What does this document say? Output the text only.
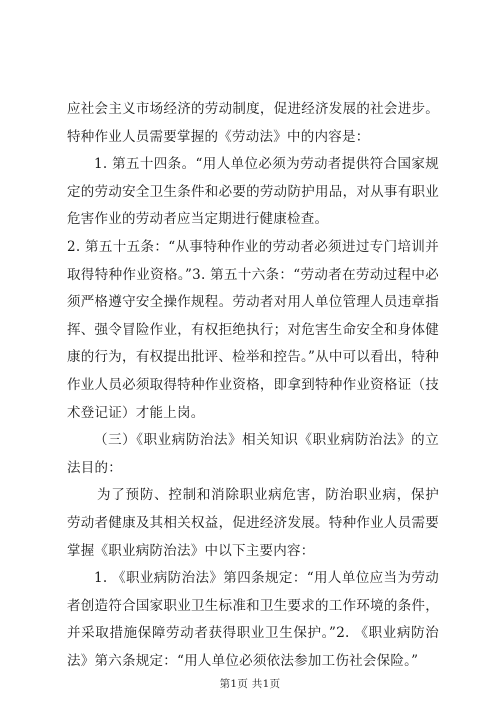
应社会主义市场经济的劳动制度，促进经济发展的社会进步。特种作业人员需要掌握的《劳动法》中的内容是：

1. 第五十四条。“用人单位必须为劳动者提供符合国家规定的劳动安全卫生条件和必要的劳动防护用品，对从事有职业危害作业的劳动者应当定期进行健康检查。

2. 第五十五条：“从事特种作业的劳动者必须进过专门培训并取得特种作业资格。”3. 第五十六条：“劳动者在劳动过程中必须严格遵守安全操作规程。劳动者对用人单位管理人员违章指挥、强令冒险作业，有权拒绝执行；对危害生命安全和身体健康的行为，有权提出批评、检举和控告。”从中可以看出，特种作业人员必须取得特种作业资格，即拿到特种作业资格证（技术登记证）才能上岗。

（三）《职业病防治法》相关知识《职业病防治法》的立法目的：

为了预防、控制和消除职业病危害，防治职业病，保护劳动者健康及其相关权益，促进经济发展。特种作业人员需要掌握《职业病防治法》中以下主要内容：

1. 《职业病防治法》第四条规定：“用人单位应当为劳动者创造符合国家职业卫生标准和卫生要求的工作环境的条件，并采取措施保障劳动者获得职业卫生保护。”2. 《职业病防治法》第六条规定：“用人单位必须依法参加工伤社会保险。”

第1页 共1页
